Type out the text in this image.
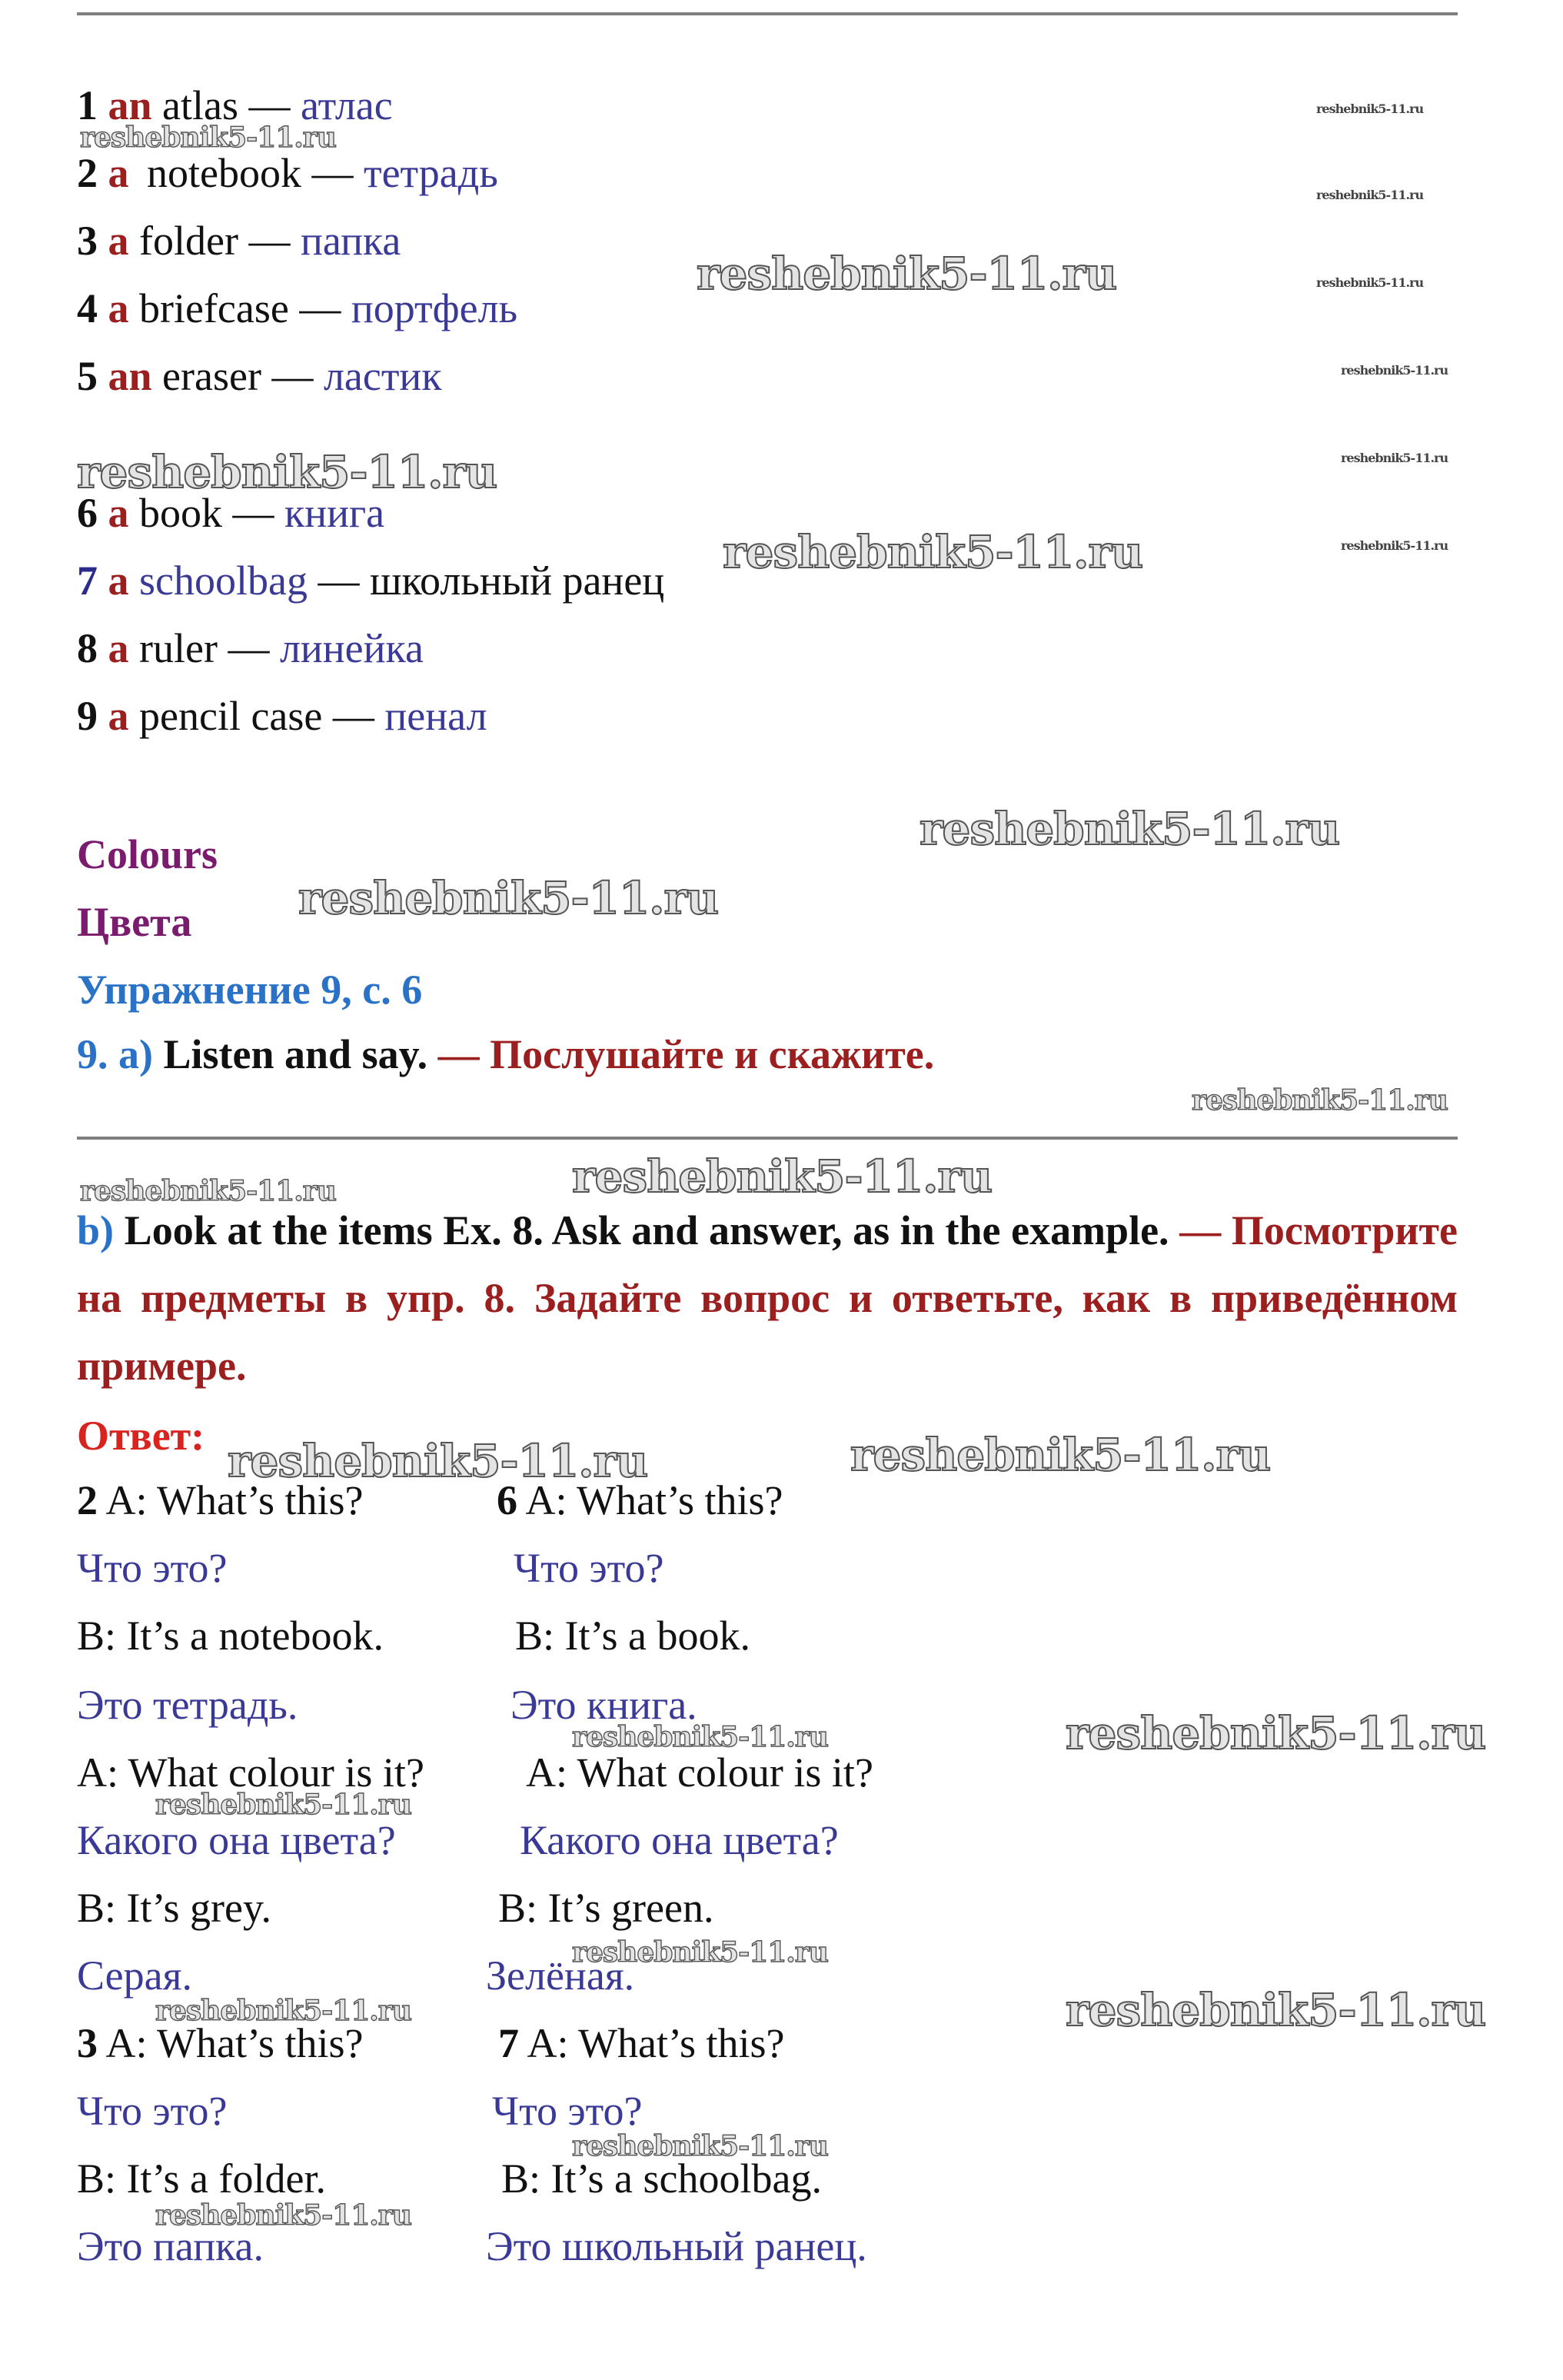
1 an atlas — атлас
2 a notebook — тетрадь
3 a folder — папка
4 a briefcase — портфель
5 an eraser — ластик
6 a book — книга
7 a schoolbag — школьный ранец
8 a ruler — линейка
9 a pencil case — пенал
Colours
Цвета
Упражнение 9, с. 6
9. a) Listen and say. — Послушайте и скажите.
b) Look at the items Ex. 8. Ask and answer, as in the example. — Посмотрите на предметы в упр. 8. Задайте вопрос и ответьте, как в приведённом примере.
Ответ:
2 A: What’s this?
Что это?
B: It’s a notebook.
Это тетрадь.
A: What colour is it?
Какого она цвета?
B: It’s grey.
Серая.
6 A: What’s this?
Что это?
B: It’s a book.
Это книга.
A: What colour is it?
Какого она цвета?
B: It’s green.
Зелёная.
3 A: What’s this?
Что это?
B: It’s a folder.
Это папка.
7 A: What’s this?
Что это?
B: It’s a schoolbag.
Это школьный ранец.
reshebnik5-11.ru
reshebnik5-11.ru
reshebnik5-11.ru
reshebnik5-11.ru
reshebnik5-11.ru
reshebnik5-11.ru
reshebnik5-11.ru
reshebnik5-11.ru
reshebnik5-11.ru
reshebnik5-11.ru
reshebnik5-11.ru
reshebnik5-11.ru
reshebnik5-11.ru
reshebnik5-11.ru	reshebnik5-11.ru
reshebnik5-11.ru	reshebnik5-11.ru
reshebnik5-11.ru
reshebnik5-11.ru
reshebnik5-11.ru
reshebnik5-11.ru
reshebnik5-11.ru	reshebnik5-11.ru
reshebnik5-11.ru
reshebnik5-11.ru
